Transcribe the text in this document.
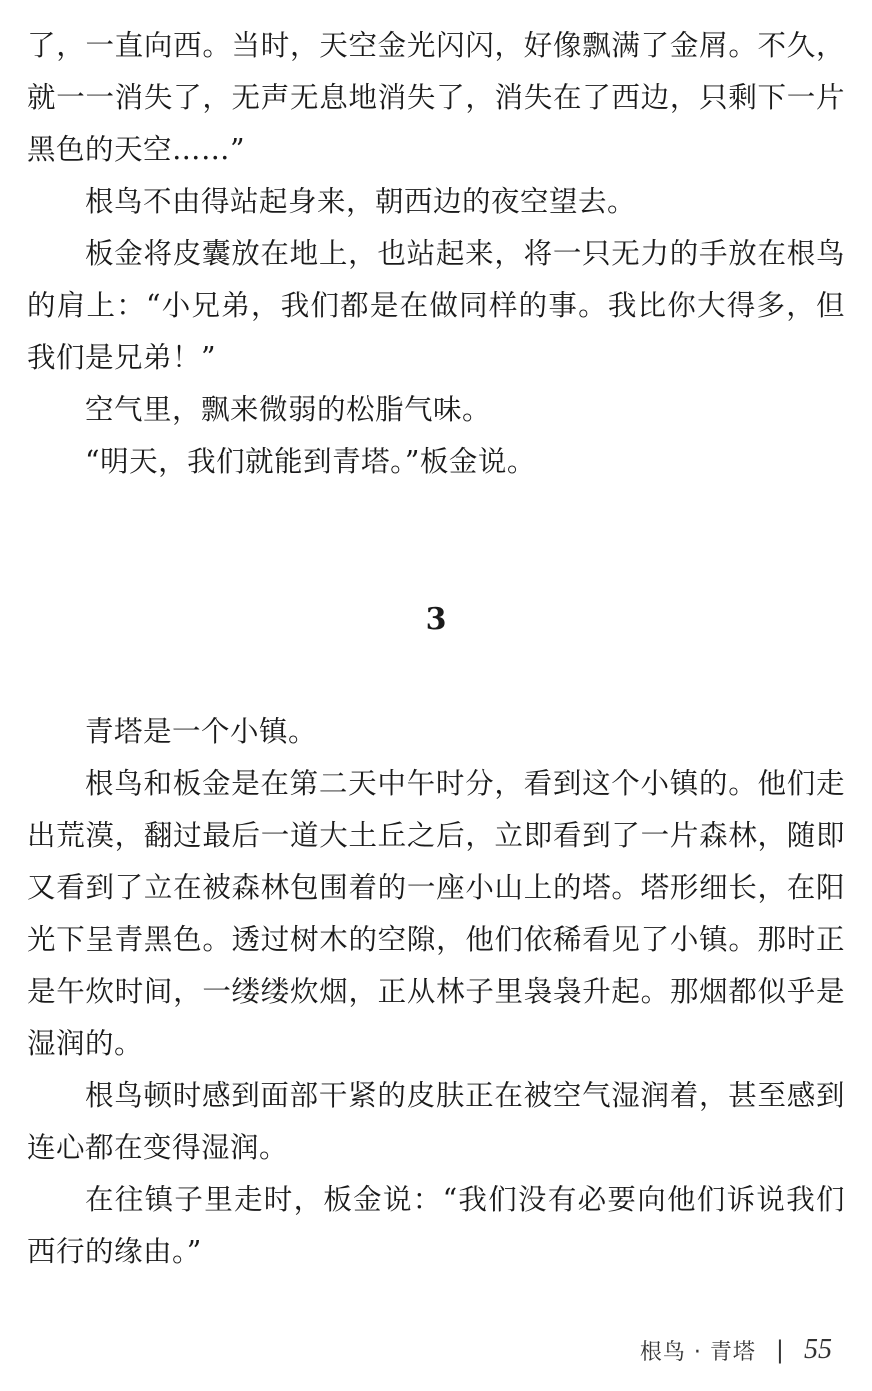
了，一直向西。当时，天空金光闪闪，好像飘满了金屑。不久，就一一消失了，无声无息地消失了，消失在了西边，只剩下一片黑色的天空……”

根鸟不由得站起身来，朝西边的夜空望去。

板金将皮囊放在地上，也站起来，将一只无力的手放在根鸟的肩上：“小兄弟，我们都是在做同样的事。我比你大得多，但我们是兄弟！”

空气里，飘来微弱的松脂气味。

“明天，我们就能到青塔。”板金说。

3

青塔是一个小镇。

根鸟和板金是在第二天中午时分，看到这个小镇的。他们走出荒漠，翻过最后一道大土丘之后，立即看到了一片森林，随即又看到了立在被森林包围着的一座小山上的塔。塔形细长，在阳光下呈青黑色。透过树木的空隙，他们依稀看见了小镇。那时正是午炊时间，一缕缕炊烟，正从林子里袅袅升起。那烟都似乎是湿润的。

根鸟顿时感到面部干紧的皮肤正在被空气湿润着，甚至感到连心都在变得湿润。

在往镇子里走时，板金说：“我们没有必要向他们诉说我们西行的缘由。”

根鸟 · 青塔 | 55
